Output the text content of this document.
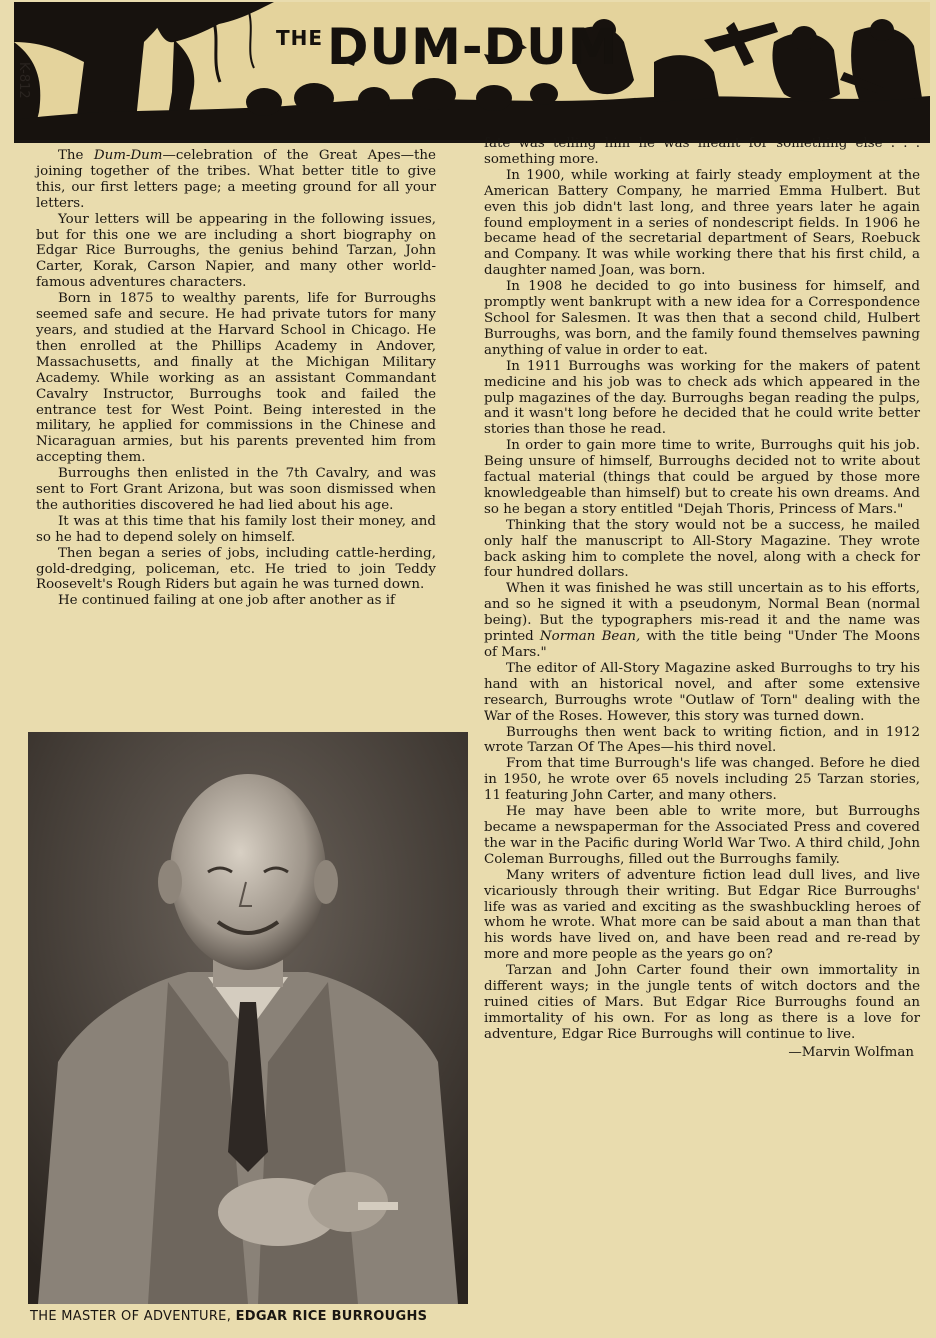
THEDUM-DUM
K-812

The Dum-Dum—celebration of the Great Apes—the joining together of the tribes. What better title to give this, our first letters page; a meeting ground for all your letters.

Your letters will be appearing in the following issues, but for this one we are including a short biography on Edgar Rice Burroughs, the genius behind Tarzan, John Carter, Korak, Carson Napier, and many other world-famous adventures characters.

Born in 1875 to wealthy parents, life for Burroughs seemed safe and secure. He had private tutors for many years, and studied at the Harvard School in Chicago. He then enrolled at the Phillips Academy in Andover, Massachusetts, and finally at the Michigan Military Academy. While working as an assistant Commandant Cavalry Instructor, Burroughs took and failed the entrance test for West Point. Being interested in the military, he applied for commissions in the Chinese and Nicaraguan armies, but his parents prevented him from accepting them.

Burroughs then enlisted in the 7th Cavalry, and was sent to Fort Grant Arizona, but was soon dismissed when the authorities discovered he had lied about his age.

It was at this time that his family lost their money, and so he had to depend solely on himself.

Then began a series of jobs, including cattle-herding, gold-dredging, policeman, etc. He tried to join Teddy Roosevelt's Rough Riders but again he was turned down.

He continued failing at one job after another as if

THE MASTER OF ADVENTURE, EDGAR RICE BURROUGHS

fate was telling him he was meant for something else . . . something more.

In 1900, while working at fairly steady employment at the American Battery Company, he married Emma Hulbert. But even this job didn't last long, and three years later he again found employment in a series of nondescript fields. In 1906 he became head of the secretarial department of Sears, Roebuck and Company. It was while working there that his first child, a daughter named Joan, was born.

In 1908 he decided to go into business for himself, and promptly went bankrupt with a new idea for a Correspondence School for Salesmen. It was then that a second child, Hulbert Burroughs, was born, and the family found themselves pawning anything of value in order to eat.

In 1911 Burroughs was working for the makers of patent medicine and his job was to check ads which appeared in the pulp magazines of the day. Burroughs began reading the pulps, and it wasn't long before he decided that he could write better stories than those he read.

In order to gain more time to write, Burroughs quit his job. Being unsure of himself, Burroughs decided not to write about factual material (things that could be argued by those more knowledgeable than himself) but to create his own dreams. And so he began a story entitled "Dejah Thoris, Princess of Mars."

Thinking that the story would not be a success, he mailed only half the manuscript to All-Story Magazine. They wrote back asking him to complete the novel, along with a check for four hundred dollars.

When it was finished he was still uncertain as to his efforts, and so he signed it with a pseudonym, Normal Bean (normal being). But the typographers mis-read it and the name was printed Norman Bean, with the title being "Under The Moons of Mars."

The editor of All-Story Magazine asked Burroughs to try his hand with an historical novel, and after some extensive research, Burroughs wrote "Outlaw of Torn" dealing with the War of the Roses. However, this story was turned down.

Burroughs then went back to writing fiction, and in 1912 wrote Tarzan Of The Apes—his third novel.

From that time Burrough's life was changed. Before he died in 1950, he wrote over 65 novels including 25 Tarzan stories, 11 featuring John Carter, and many others.

He may have been able to write more, but Burroughs became a newspaperman for the Associated Press and covered the war in the Pacific during World War Two. A third child, John Coleman Burroughs, filled out the Burroughs family.

Many writers of adventure fiction lead dull lives, and live vicariously through their writing. But Edgar Rice Burroughs' life was as varied and exciting as the swashbuckling heroes of whom he wrote. What more can be said about a man than that his words have lived on, and have been read and re-read by more and more people as the years go on?

Tarzan and John Carter found their own immortality in different ways; in the jungle tents of witch doctors and the ruined cities of Mars. But Edgar Rice Burroughs found an immortality of his own. For as long as there is a love for adventure, Edgar Rice Burroughs will continue to live.

—Marvin Wolfman
